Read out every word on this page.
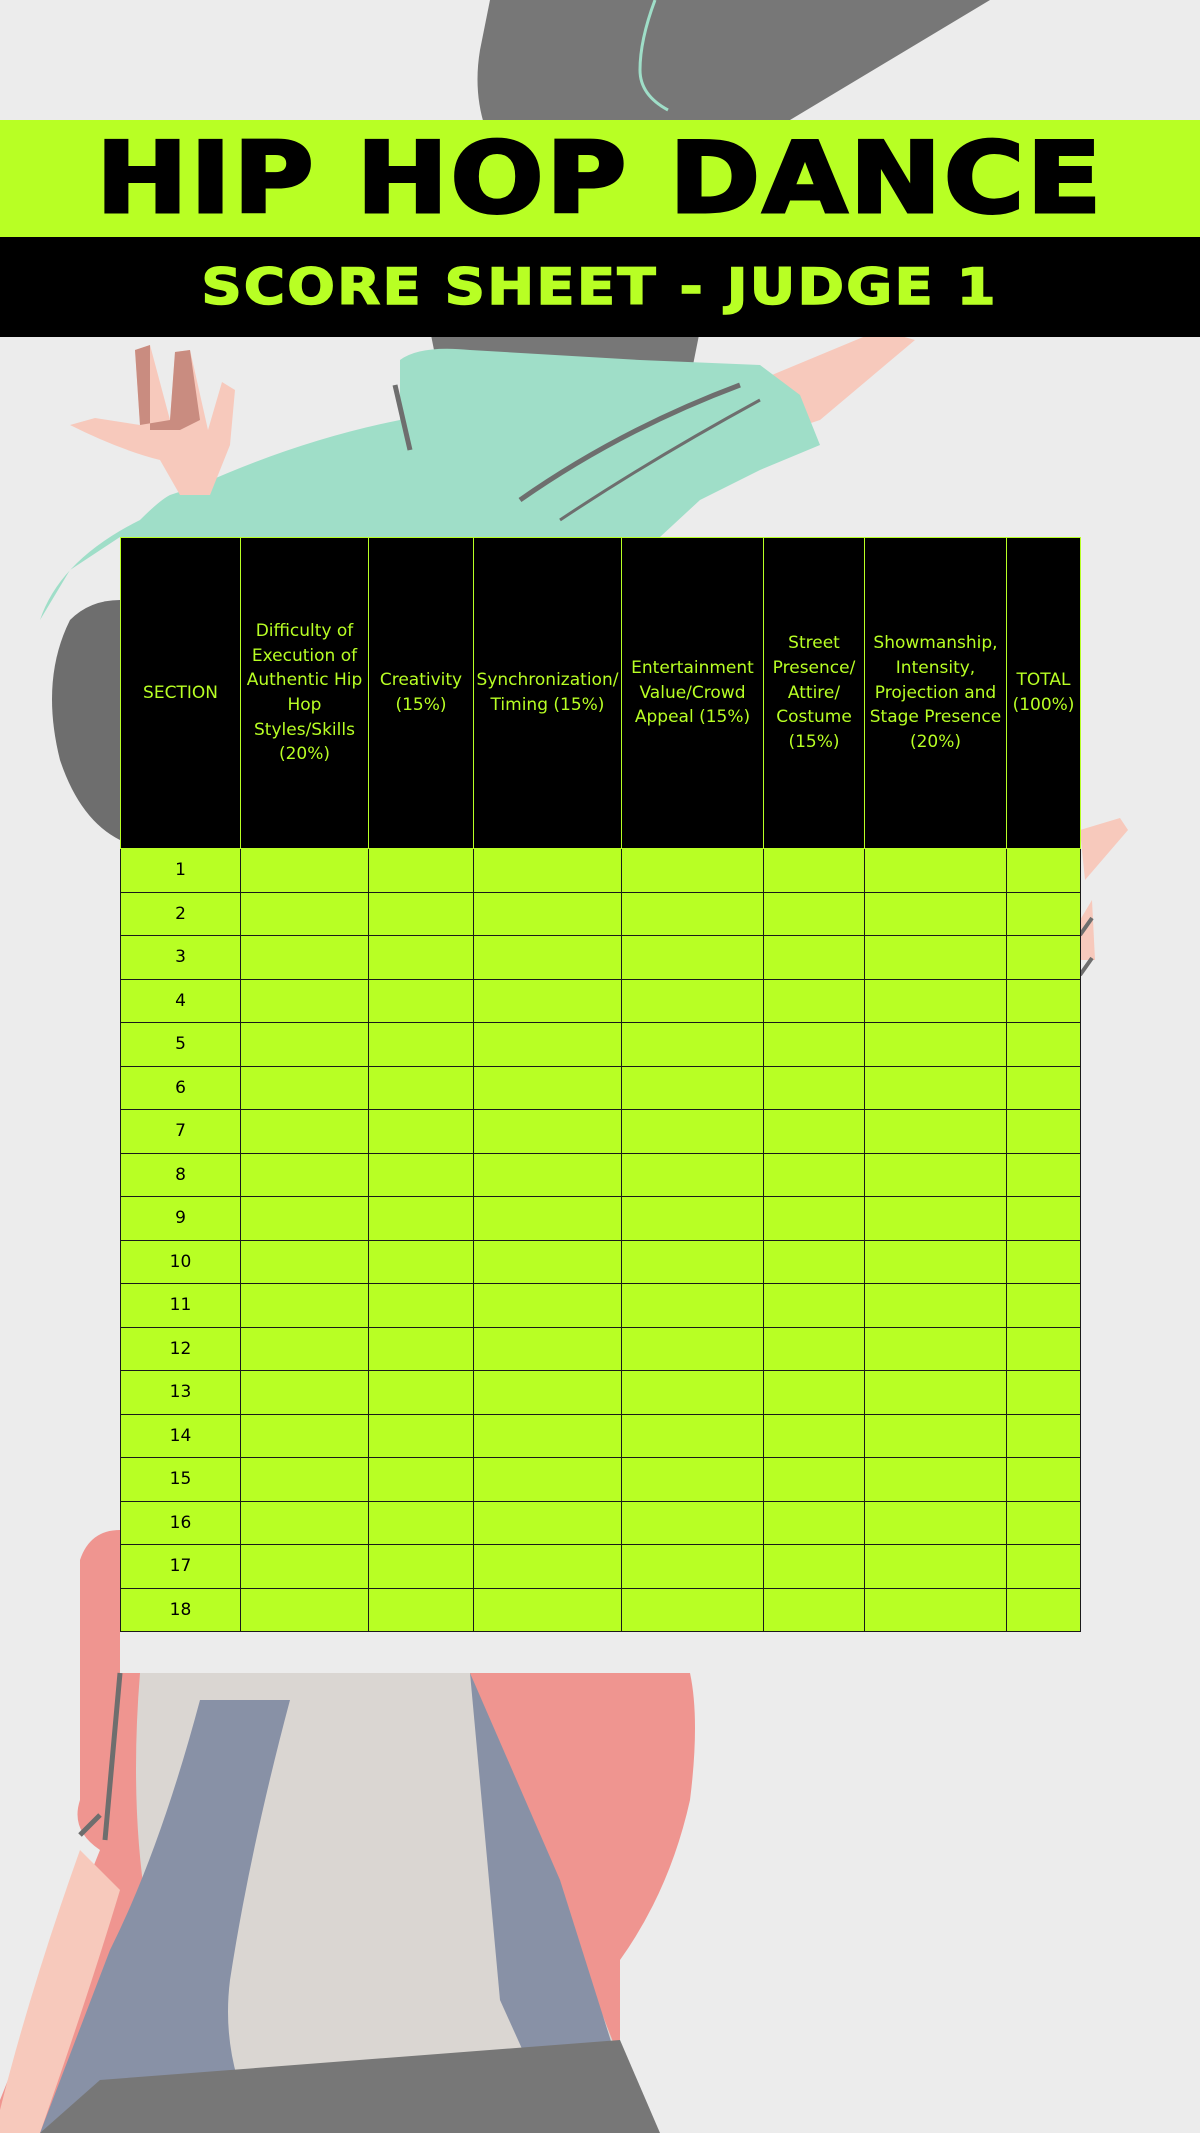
HIP HOP DANCE
SCORE SHEET - JUDGE 1
SECTION	Difficulty of Execution of Authentic Hip Hop Styles/Skills (20%)	Creativity (15%)	Synchronization/ Timing (15%)	Entertainment Value/Crowd Appeal (15%)	Street Presence/ Attire/ Costume (15%)	Showmanship, Intensity, Projection and Stage Presence (20%)	TOTAL (100%)
1							
2							
3							
4							
5							
6							
7							
8							
9							
10							
11							
12							
13							
14							
15							
16							
17							
18							
